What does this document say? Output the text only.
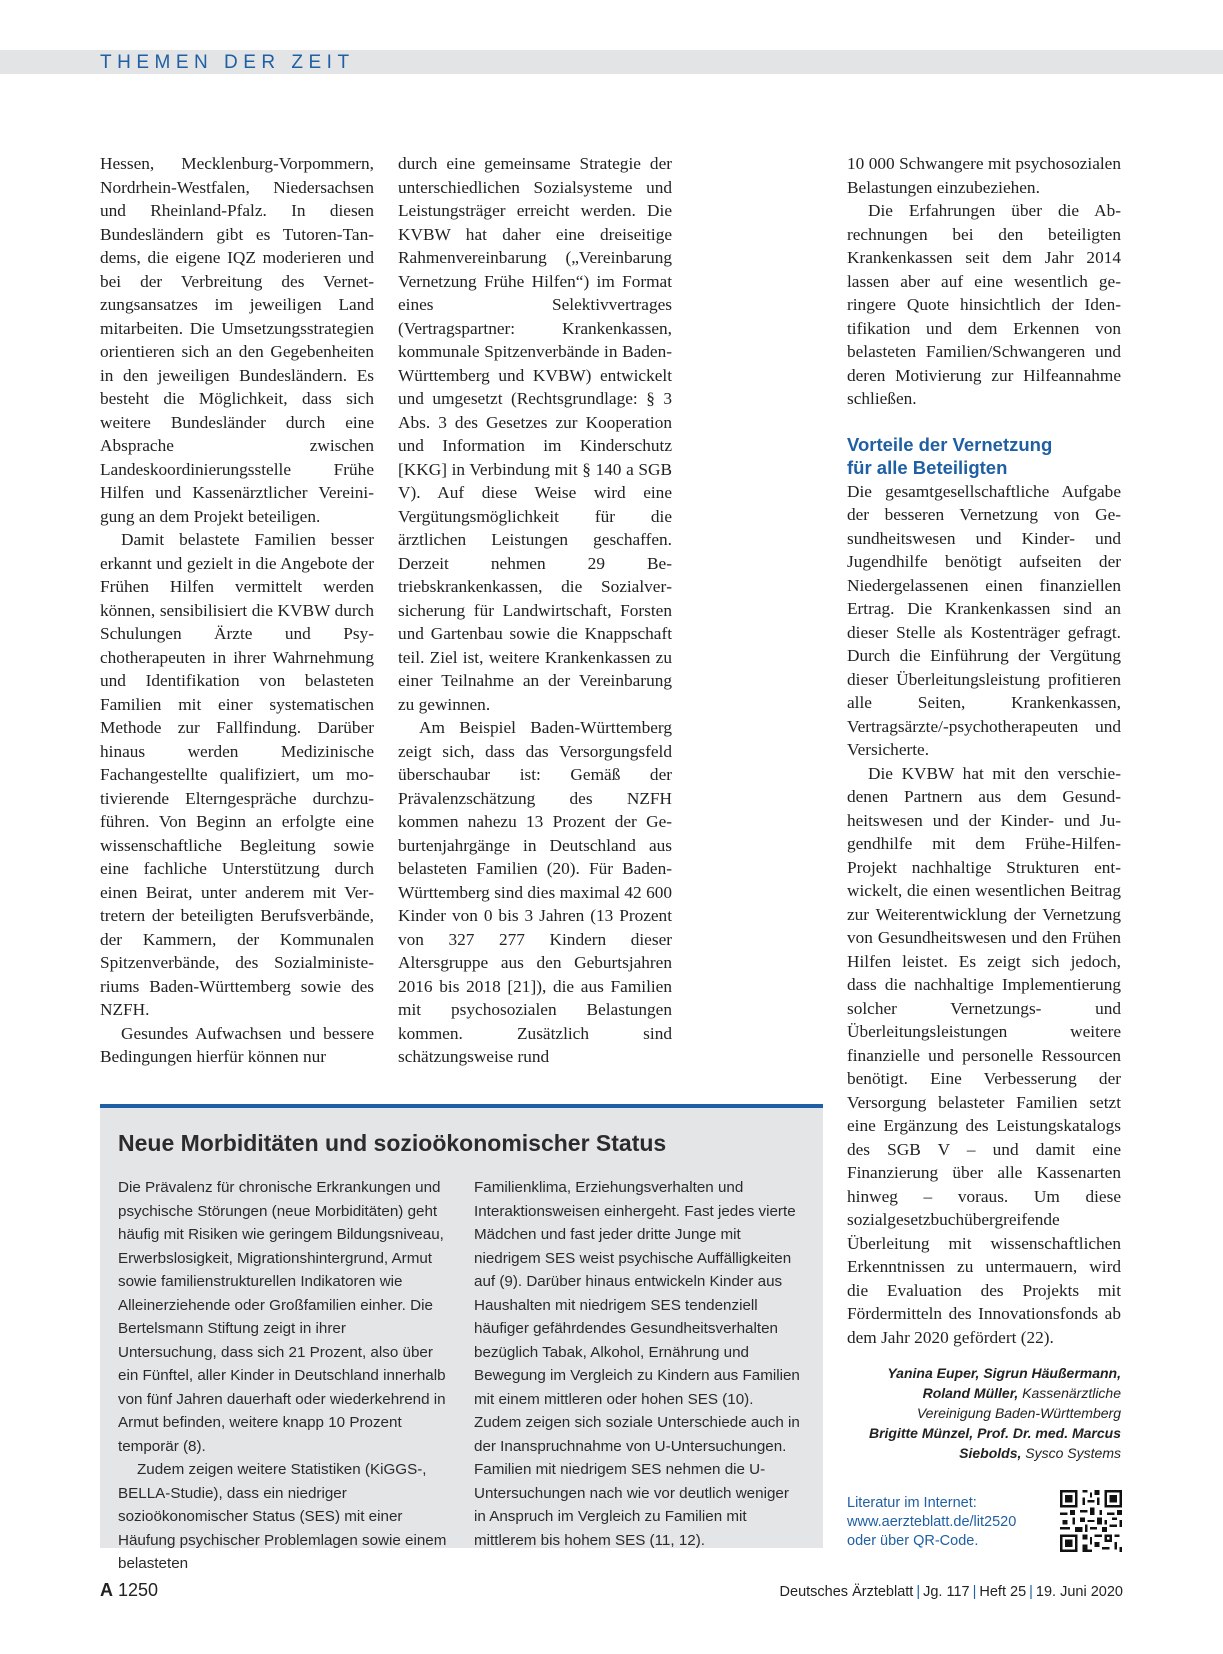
THEMEN DER ZEIT

Hessen, Mecklenburg-Vorpommern, Nordrhein-Westfalen, Niedersachsen und Rheinland-Pfalz. In diesen Bundesländern gibt es Tutoren-Tandems, die eigene IQZ moderieren und bei der Verbreitung des Vernetzungsansatzes im jeweiligen Land mitarbeiten. Die Umsetzungsstrategien orientieren sich an den Gegebenheiten in den jeweiligen Bundesländern. Es besteht die Möglichkeit, dass sich weitere Bundesländer durch eine Absprache zwischen Landeskoordinierungsstelle Frühe Hilfen und Kassenärztlicher Vereinigung an dem Projekt beteiligen.

Damit belastete Familien besser erkannt und gezielt in die Angebote der Frühen Hilfen vermittelt werden können, sensibilisiert die KVBW durch Schulungen Ärzte und Psychotherapeuten in ihrer Wahrnehmung und Identifikation von belasteten Familien mit einer systematischen Methode zur Fallfindung. Darüber hinaus werden Medizinische Fachangestellte qualifiziert, um motivierende Elterngespräche durchzuführen. Von Beginn an erfolgte eine wissenschaftliche Begleitung sowie eine fachliche Unterstützung durch einen Beirat, unter anderem mit Vertretern der beteiligten Berufsverbände, der Kammern, der Kommunalen Spitzenverbände, des Sozialministeriums Baden-Württemberg sowie des NZFH.

Gesundes Aufwachsen und bessere Bedingungen hierfür können nur

durch eine gemeinsame Strategie der unterschiedlichen Sozialsysteme und Leistungsträger erreicht werden. Die KVBW hat daher eine dreiseitige Rahmenvereinbarung („Vereinbarung Vernetzung Frühe Hilfen“) im Format eines Selektivvertrages (Vertragspartner: Krankenkassen, kommunale Spitzenverbände in Baden-Württemberg und KVBW) entwickelt und umgesetzt (Rechtsgrundlage: § 3 Abs. 3 des Gesetzes zur Kooperation und Information im Kinderschutz [KKG] in Verbindung mit § 140 a SGB V). Auf diese Weise wird eine Vergütungsmöglichkeit für die ärztlichen Leistungen geschaffen. Derzeit nehmen 29 Betriebskrankenkassen, die Sozialversicherung für Landwirtschaft, Forsten und Gartenbau sowie die Knappschaft teil. Ziel ist, weitere Krankenkassen zu einer Teilnahme an der Vereinbarung zu gewinnen.

Am Beispiel Baden-Württemberg zeigt sich, dass das Versorgungsfeld überschaubar ist: Gemäß der Prävalenzschätzung des NZFH kommen nahezu 13 Prozent der Geburtenjahrgänge in Deutschland aus belasteten Familien (20). Für Baden-Württemberg sind dies maximal 42 600 Kinder von 0 bis 3 Jahren (13 Prozent von 327 277 Kindern dieser Altersgruppe aus den Geburtsjahren 2016 bis 2018 [21]), die aus Familien mit psychosozialen Belastungen kommen. Zusätzlich sind schätzungsweise rund

10 000 Schwangere mit psychosozialen Belastungen einzubeziehen.

Die Erfahrungen über die Abrechnungen bei den beteiligten Krankenkassen seit dem Jahr 2014 lassen aber auf eine wesentlich geringere Quote hinsichtlich der Identifikation und dem Erkennen von belasteten Familien/Schwangeren und deren Motivierung zur Hilfeannahme schließen.

Vorteile der Vernetzung
für alle Beteiligten

Die gesamtgesellschaftliche Aufgabe der besseren Vernetzung von Gesundheitswesen und Kinder- und Jugendhilfe benötigt aufseiten der Niedergelassenen einen finanziellen Ertrag. Die Krankenkassen sind an dieser Stelle als Kostenträger gefragt. Durch die Einführung der Vergütung dieser Überleitungsleistung profitieren alle Seiten, Krankenkassen, Vertragsärzte/-psychotherapeuten und Versicherte.

Die KVBW hat mit den verschiedenen Partnern aus dem Gesundheitswesen und der Kinder- und Jugendhilfe mit dem Frühe-Hilfen-Projekt nachhaltige Strukturen entwickelt, die einen wesentlichen Beitrag zur Weiterentwicklung der Vernetzung von Gesundheitswesen und den Frühen Hilfen leistet. Es zeigt sich jedoch, dass die nachhaltige Implementierung solcher Vernetzungs- und Überleitungsleistungen weitere finanzielle und personelle Ressourcen benötigt. Eine Verbesserung der Versorgung belasteter Familien setzt eine Ergänzung des Leistungskatalogs des SGB V – und damit eine Finanzierung über alle Kassenarten hinweg – voraus. Um diese sozialgesetzbuchübergreifende Überleitung mit wissenschaftlichen Erkenntnissen zu untermauern, wird die Evaluation des Projekts mit Fördermitteln des Innovationsfonds ab dem Jahr 2020 gefördert (22).

Yanina Euper, Sigrun Häußermann,
Roland Müller, Kassenärztliche Vereinigung Baden-Württemberg
Brigitte Münzel, Prof. Dr. med. Marcus Siebolds, Sysco Systems
Literatur im Internet:
www.aerzteblatt.de/lit2520
oder über QR-Code.
Neue Morbiditäten und sozioökonomischer Status

Die Prävalenz für chronische Erkrankungen und psychische Störungen (neue Morbiditäten) geht häufig mit Risiken wie geringem Bildungsniveau, Erwerbslosigkeit, Migrationshintergrund, Armut sowie familienstrukturellen Indikatoren wie Alleinerziehende oder Großfamilien einher. Die Bertelsmann Stiftung zeigt in ihrer Untersuchung, dass sich 21 Prozent, also über ein Fünftel, aller Kinder in Deutschland innerhalb von fünf Jahren dauerhaft oder wiederkehrend in Armut befinden, weitere knapp 10 Prozent temporär (8).

Zudem zeigen weitere Statistiken (KiGGS-, BELLA-Studie), dass ein niedriger sozioökonomischer Status (SES) mit einer Häufung psychischer Problemlagen sowie einem belasteten

Familienklima, Erziehungsverhalten und Interaktionsweisen einhergeht. Fast jedes vierte Mädchen und fast jeder dritte Junge mit niedrigem SES weist psychische Auffälligkeiten auf (9). Darüber hinaus entwickeln Kinder aus Haushalten mit niedrigem SES tendenziell häufiger gefährdendes Gesundheitsverhalten bezüglich Tabak, Alkohol, Ernährung und Bewegung im Vergleich zu Kindern aus Familien mit einem mittleren oder hohen SES (10). Zudem zeigen sich soziale Unterschiede auch in der Inanspruchnahme von U-Untersuchungen. Familien mit niedrigem SES nehmen die U-Untersuchungen nach wie vor deutlich weniger in Anspruch im Vergleich zu Familien mit mittlerem bis hohem SES (11, 12).

A 1250	Deutsches Ärzteblatt | Jg. 117 | Heft 25 | 19. Juni 2020
